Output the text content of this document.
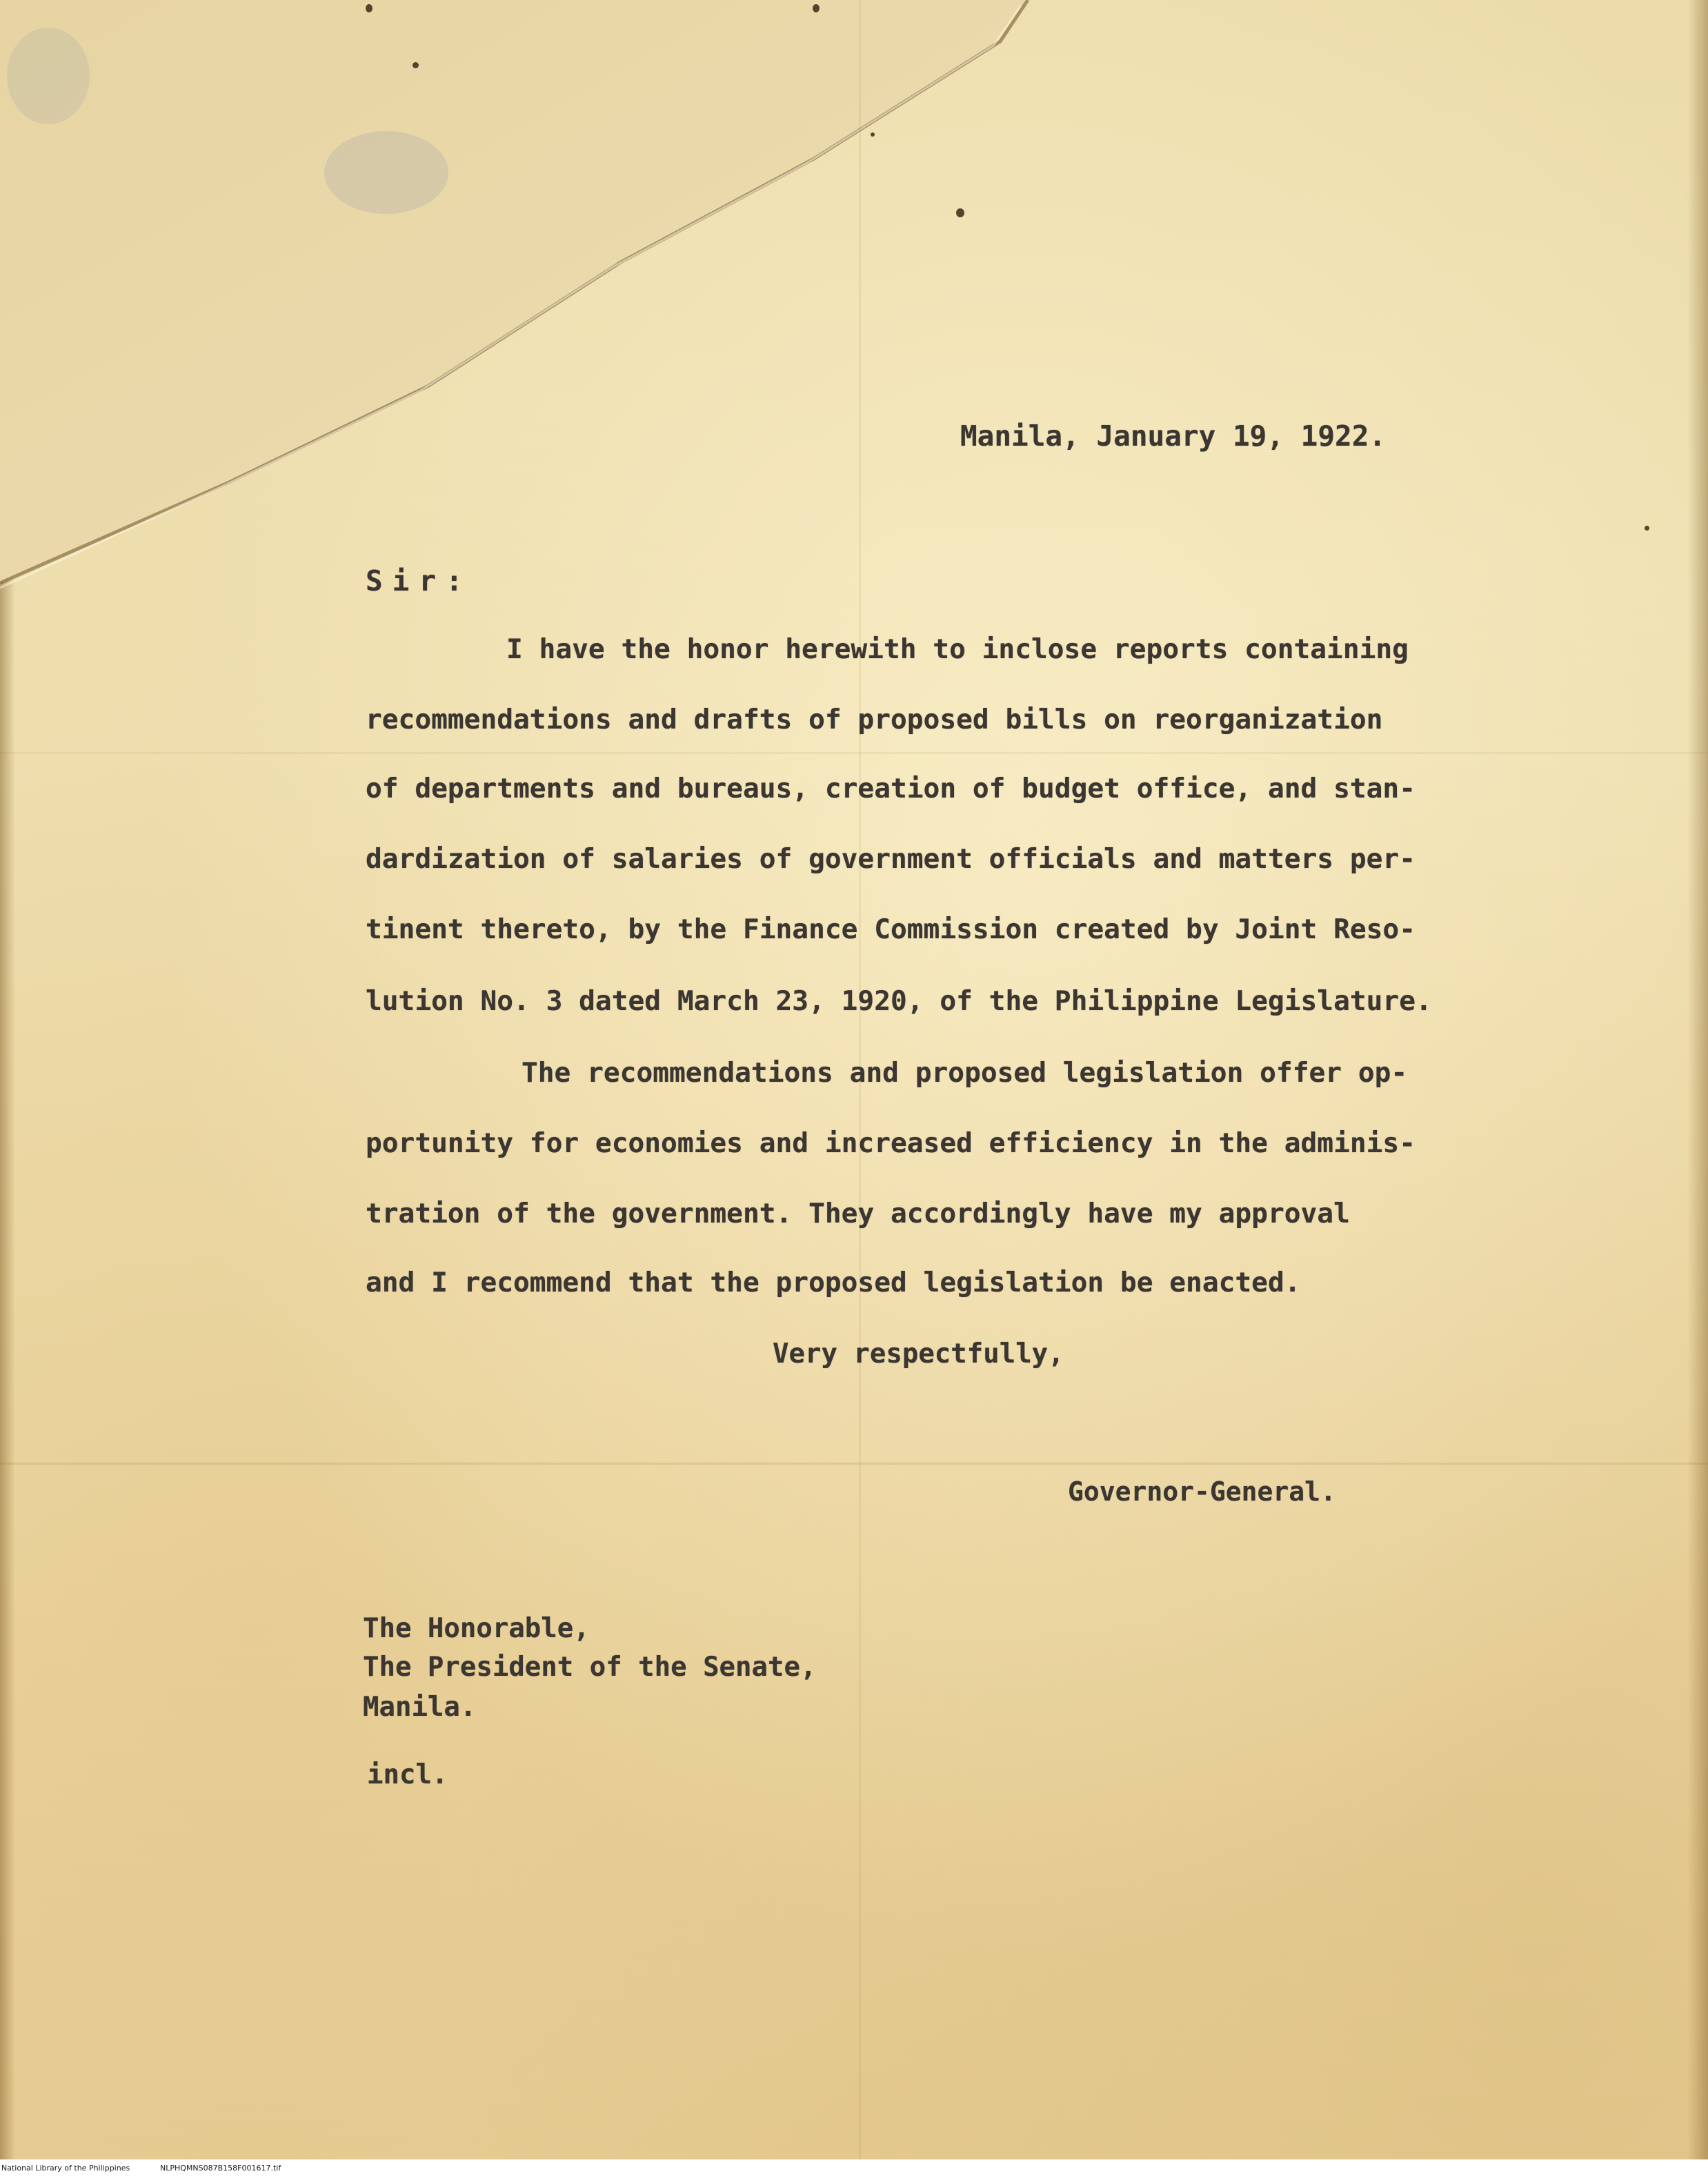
Manila, January 19, 1922.

Sir:

I have the honor herewith to inclose reports containing

recommendations and drafts of proposed bills on reorganization

of departments and bureaus, creation of budget office, and stan-

dardization of salaries of government officials and matters per-

tinent thereto, by the Finance Commission created by Joint Reso-

lution No. 3 dated March 23, 1920, of the Philippine Legislature.

The recommendations and proposed legislation offer op-

portunity for economies and increased efficiency in the adminis-

tration of the government. They accordingly have my approval

and I recommend that the proposed legislation be enacted.

Very respectfully,

Governor-General.

The Honorable,

The President of the Senate,

Manila.

incl.

National Library of the Philippines	NLPHQMNS087B158F001617.tif
